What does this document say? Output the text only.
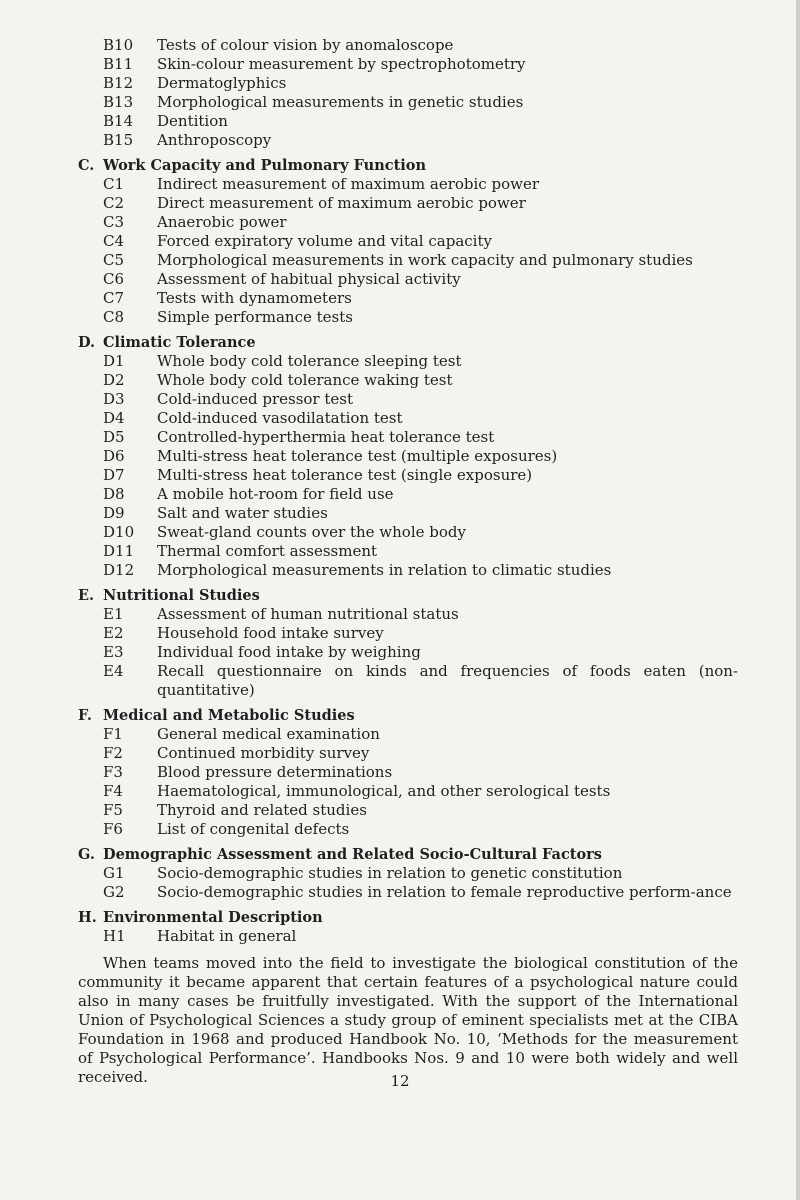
B10	Tests of colour vision by anomaloscope
B11	Skin-colour measurement by spectrophotometry
B12	Dermatoglyphics
B13	Morphological measurements in genetic studies
B14	Dentition
B15	Anthroposcopy
C. Work Capacity and Pulmonary Function
C1	Indirect measurement of maximum aerobic power
C2	Direct measurement of maximum aerobic power
C3	Anaerobic power
C4	Forced expiratory volume and vital capacity
C5	Morphological measurements in work capacity and pulmonary studies
C6	Assessment of habitual physical activity
C7	Tests with dynamometers
C8	Simple performance tests
D. Climatic Tolerance
D1	Whole body cold tolerance sleeping test
D2	Whole body cold tolerance waking test
D3	Cold-induced pressor test
D4	Cold-induced vasodilatation test
D5	Controlled-hyperthermia heat tolerance test
D6	Multi-stress heat tolerance test (multiple exposures)
D7	Multi-stress heat tolerance test (single exposure)
D8	A mobile hot-room for field use
D9	Salt and water studies
D10	Sweat-gland counts over the whole body
D11	Thermal comfort assessment
D12	Morphological measurements in relation to climatic studies
E. Nutritional Studies
E1	Assessment of human nutritional status
E2	Household food intake survey
E3	Individual food intake by weighing
E4	Recall questionnaire on kinds and frequencies of foods eaten (non-quantitative)
F. Medical and Metabolic Studies
F1	General medical examination
F2	Continued morbidity survey
F3	Blood pressure determinations
F4	Haematological, immunological, and other serological tests
F5	Thyroid and related studies
F6	List of congenital defects
G. Demographic Assessment and Related Socio-Cultural Factors
G1	Socio-demographic studies in relation to genetic constitution
G2	Socio-demographic studies in relation to female reproductive perform-ance
H. Environmental Description
H1	Habitat in general

When teams moved into the field to investigate the biological constitution of the community it became apparent that certain features of a psychological nature could also in many cases be fruitfully investigated. With the support of the International Union of Psychological Sciences a study group of eminent specialists met at the CIBA Foundation in 1968 and produced Handbook No. 10, ‘Methods for the measurement of Psychological Performance’. Handbooks Nos. 9 and 10 were both widely and well received.	12
